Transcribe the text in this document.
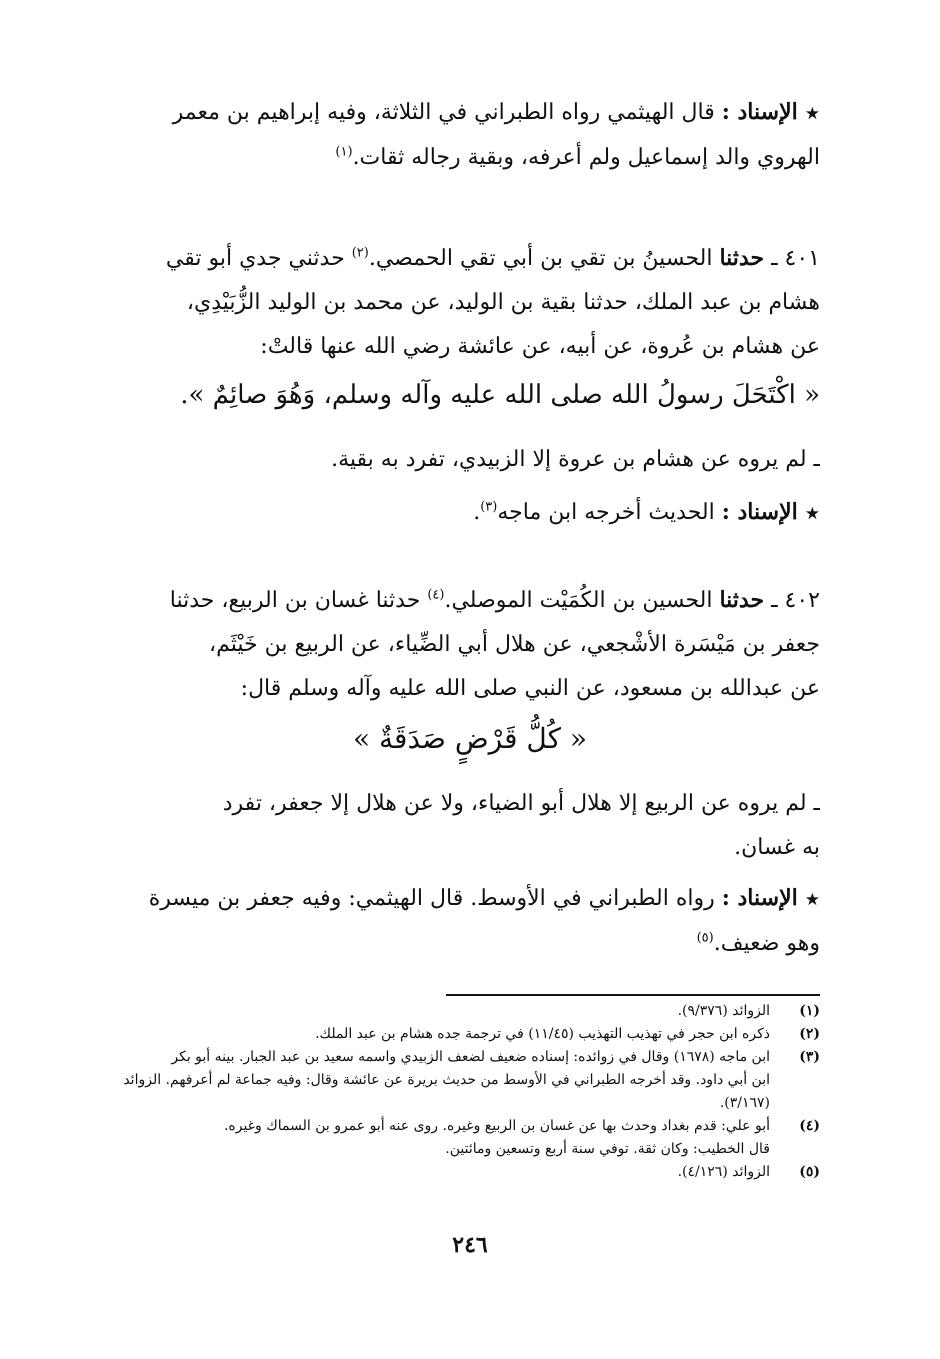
★ الإسناد : قال الهيثمي رواه الطبراني في الثلاثة، وفيه إبراهيم بن معمر
الهروي والد إسماعيل ولم أعرفه، وبقية رجاله ثقات.$^{(١)}$
٤٠١ ـ حدثنا الحسينُ بن تقي بن أبي تقي الحمصي.$^{(٢)}$ حدثني جدي أبو تقي
هشام بن عبد الملك، حدثنا بقية بن الوليد، عن محمد بن الوليد الزُّبَيْدِي،
عن هشام بن عُروة، عن أبيه، عن عائشة رضي الله عنها قالتْ:
« اكْتَحَلَ رسولُ الله صلى الله عليه وآله وسلم، وَهُوَ صائِمٌ ».
ـ لم يروه عن هشام بن عروة إلا الزبيدي، تفرد به بقية.
★ الإسناد : الحديث أخرجه ابن ماجه$^{(٣)}$.
٤٠٢ ـ حدثنا الحسين بن الكُمَيْت الموصلي.$^{(٤)}$ حدثنا غسان بن الربيع، حدثنا
جعفر بن مَيْسَرة الأشْجعي، عن هلال أبي الضِّياء، عن الربيع بن خَيْثَم،
عن عبدالله بن مسعود، عن النبي صلى الله عليه وآله وسلم قال:
« كُلُّ قَرْضٍ صَدَقَةٌ »
ـ لم يروه عن الربيع إلا هلال أبو الضياء، ولا عن هلال إلا جعفر، تفرد
به غسان.
★ الإسناد : رواه الطبراني في الأوسط. قال الهيثمي: وفيه جعفر بن ميسرة
وهو ضعيف.$^{(٥)}$
(١)
الزوائد (٩/٣٧٦).
(٢)
ذكره ابن حجر في تهذيب التهذيب (١١/٤٥) في ترجمة جده هشام بن عبد الملك.
(٣)
ابن ماجه (١٦٧٨) وقال في زوائده: إسناده ضعيف لضعف الزبيدي واسمه سعيد بن عبد الجبار. بينه أبو بكر
ابن أبي داود. وقد أخرجه الطبراني في الأوسط من حديث بريرة عن عائشة وقال: وفيه جماعة لم أعرفهم. الزوائد
(٣/١٦٧).
(٤)
أبو علي: قدم بغداد وحدث بها عن غسان بن الربيع وغيره. روى عنه أبو عمرو بن السماك وغيره.
قال الخطيب: وكان ثقة. توفي سنة أربع وتسعين ومائتين.
(٥)
الزوائد (٤/١٢٦).
٢٤٦
